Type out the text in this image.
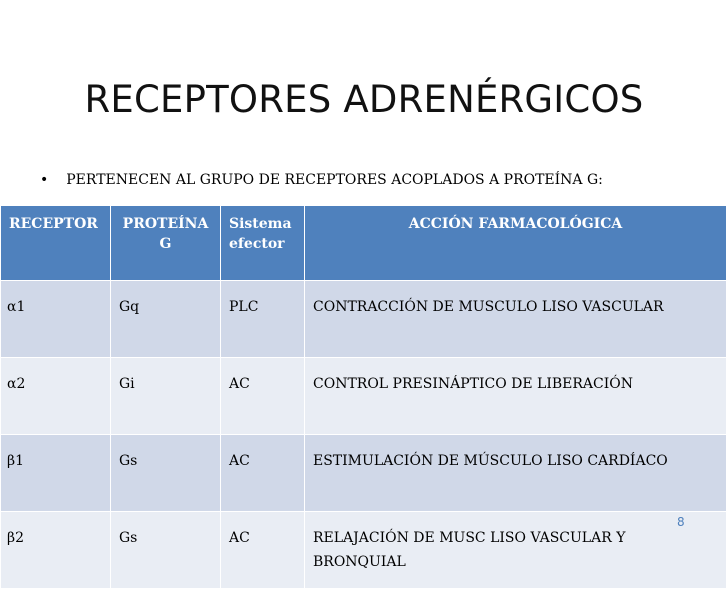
RECEPTORES ADRENÉRGICOS
• PERTENECEN AL GRUPO DE RECEPTORES ACOPLADOS A PROTEÍNA G:
RECEPTOR	PROTEÍNA G	Sistema efector	ACCIÓN FARMACOLÓGICA
α1	Gq	PLC	CONTRACCIÓN DE MUSCULO LISO VASCULAR
α2	Gi	AC	CONTROL PRESINÁPTICO DE LIBERACIÓN
β1	Gs	AC	ESTIMULACIÓN DE MÚSCULO LISO CARDÍACO
β2	Gs	AC	RELAJACIÓN DE MUSC LISO VASCULAR Y BRONQUIAL
8
